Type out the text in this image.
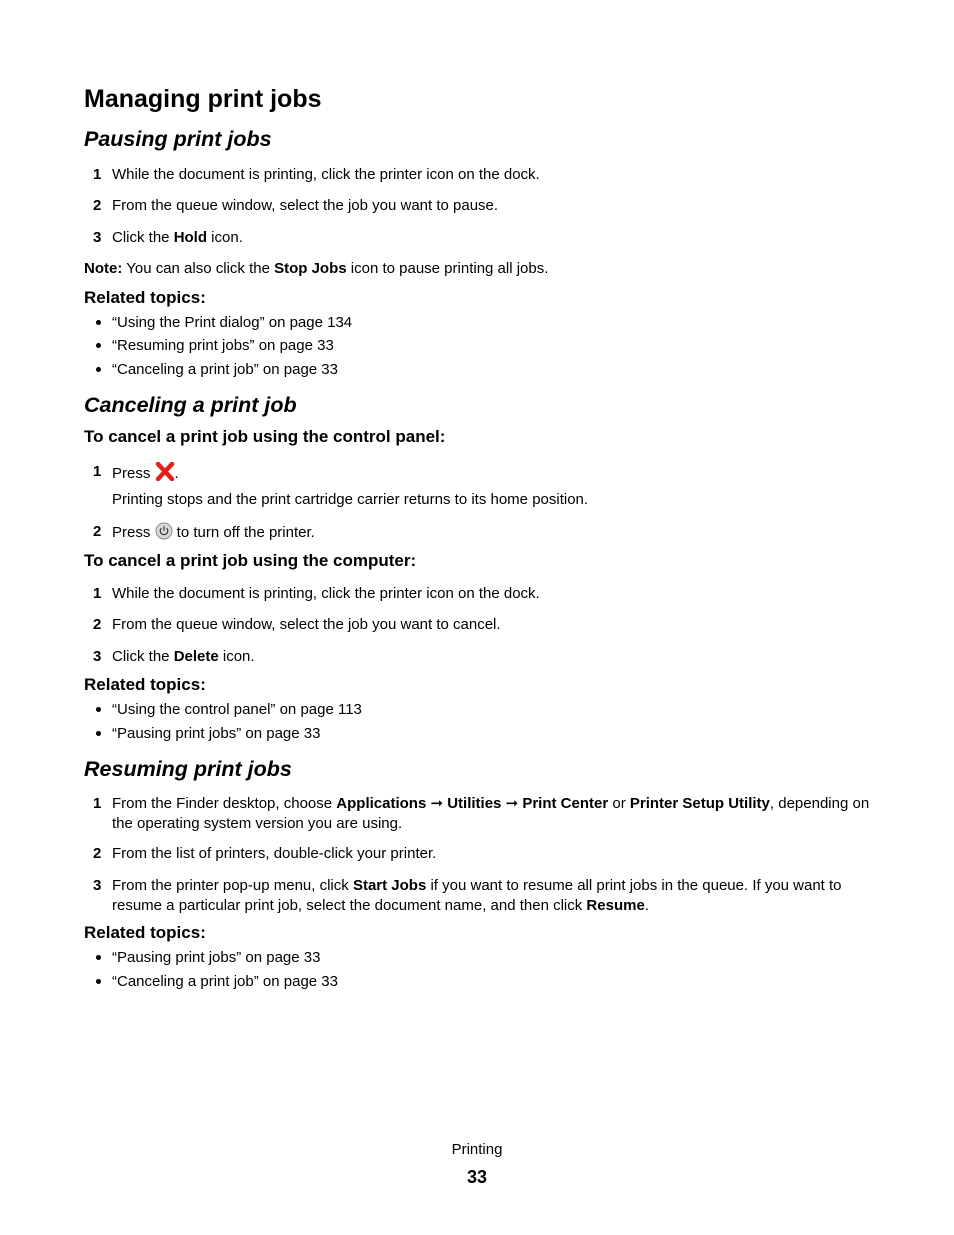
Managing print jobs
Pausing print jobs
1 While the document is printing, click the printer icon on the dock.
2 From the queue window, select the job you want to pause.
3 Click the Hold icon.
Note: You can also click the Stop Jobs icon to pause printing all jobs.
Related topics:
“Using the Print dialog” on page 134
“Resuming print jobs” on page 33
“Canceling a print job” on page 33
Canceling a print job
To cancel a print job using the control panel:
1 Press .
Printing stops and the print cartridge carrier returns to its home position.
2 Press  to turn off the printer.
To cancel a print job using the computer:
1 While the document is printing, click the printer icon on the dock.
2 From the queue window, select the job you want to cancel.
3 Click the Delete icon.
Related topics:
“Using the control panel” on page 113
“Pausing print jobs” on page 33
Resuming print jobs
1 From the Finder desktop, choose Applications ➞ Utilities ➞ Print Center or Printer Setup Utility, depending on the operating system version you are using.
2 From the list of printers, double-click your printer.
3 From the printer pop-up menu, click Start Jobs if you want to resume all print jobs in the queue. If you want to resume a particular print job, select the document name, and then click Resume.
Related topics:
“Pausing print jobs” on page 33
“Canceling a print job” on page 33
Printing
33
